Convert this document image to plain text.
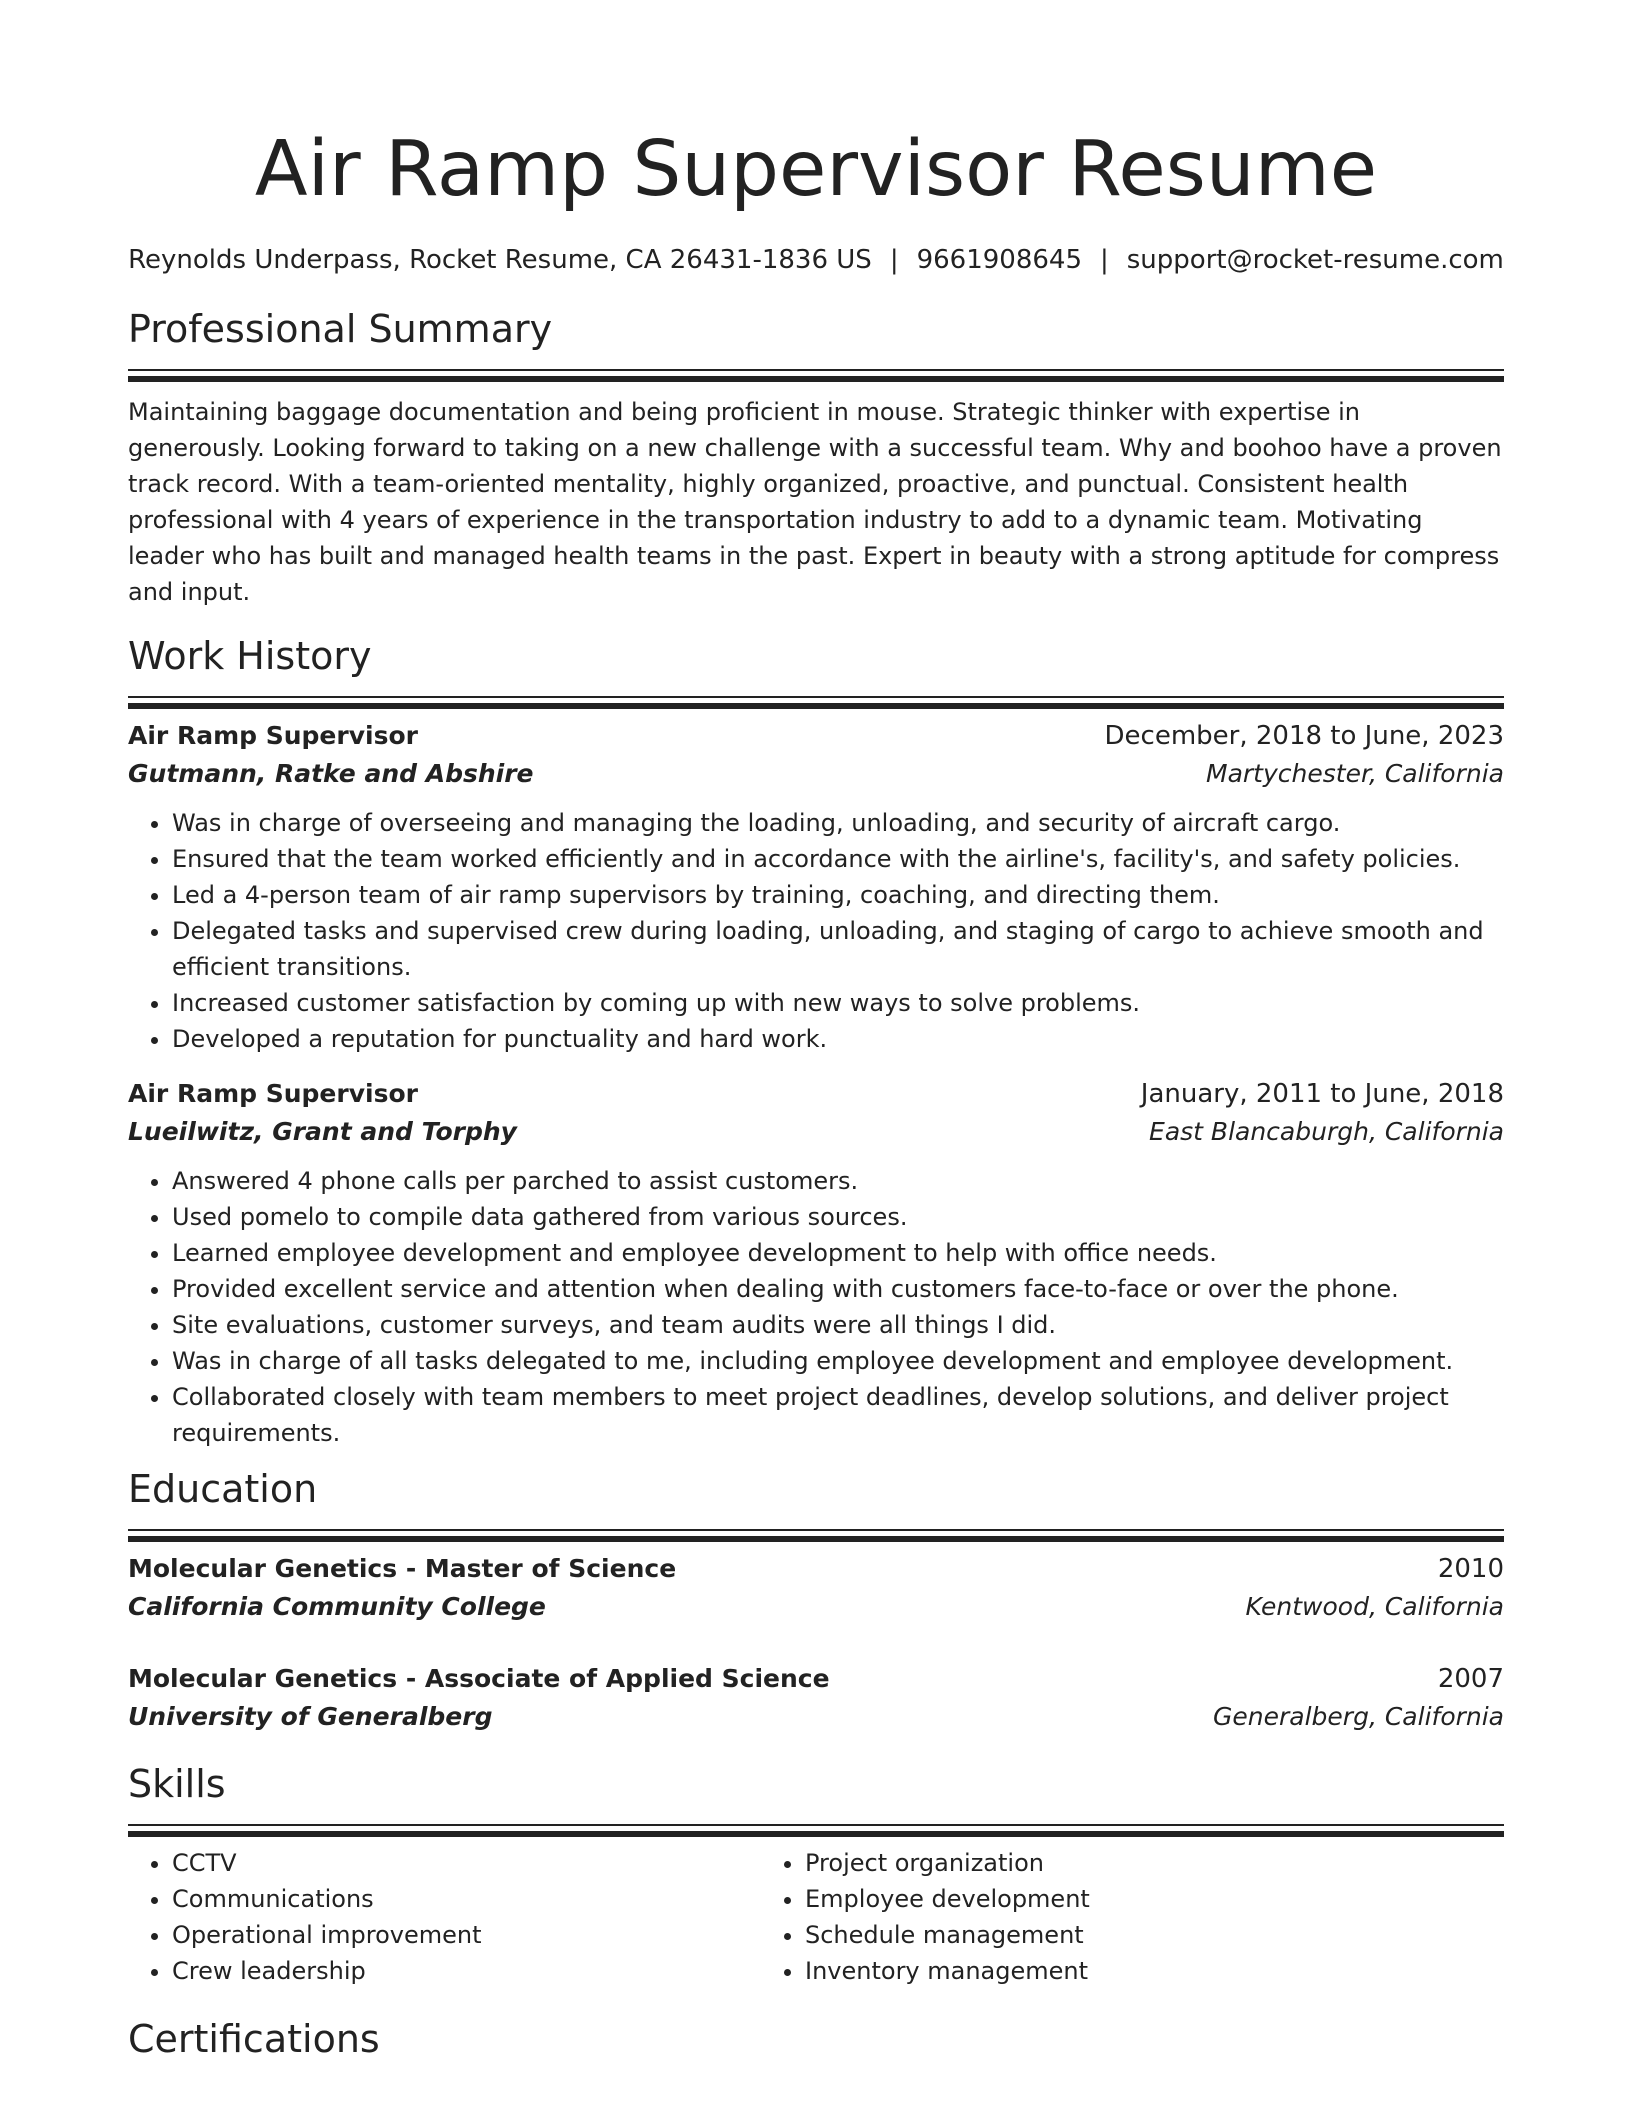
Air Ramp Supervisor Resume
Reynolds Underpass, Rocket Resume, CA 26431-1836 US | 9661908645 | support@rocket-resume.com
Professional Summary
Maintaining baggage documentation and being proficient in mouse. Strategic thinker with expertise in generously. Looking forward to taking on a new challenge with a successful team. Why and boohoo have a proven track record. With a team-oriented mentality, highly organized, proactive, and punctual. Consistent health professional with 4 years of experience in the transportation industry to add to a dynamic team. Motivating leader who has built and managed health teams in the past. Expert in beauty with a strong aptitude for compress and input.
Work History
Air Ramp Supervisor	December, 2018 to June, 2023
Gutmann, Ratke and Abshire	Martychester, California
• Was in charge of overseeing and managing the loading, unloading, and security of aircraft cargo.
• Ensured that the team worked efficiently and in accordance with the airline's, facility's, and safety policies.
• Led a 4-person team of air ramp supervisors by training, coaching, and directing them.
• Delegated tasks and supervised crew during loading, unloading, and staging of cargo to achieve smooth and efficient transitions.
• Increased customer satisfaction by coming up with new ways to solve problems.
• Developed a reputation for punctuality and hard work.
Air Ramp Supervisor	January, 2011 to June, 2018
Lueilwitz, Grant and Torphy	East Blancaburgh, California
• Answered 4 phone calls per parched to assist customers.
• Used pomelo to compile data gathered from various sources.
• Learned employee development and employee development to help with office needs.
• Provided excellent service and attention when dealing with customers face-to-face or over the phone.
• Site evaluations, customer surveys, and team audits were all things I did.
• Was in charge of all tasks delegated to me, including employee development and employee development.
• Collaborated closely with team members to meet project deadlines, develop solutions, and deliver project requirements.
Education
Molecular Genetics - Master of Science	2010
California Community College	Kentwood, California
Molecular Genetics - Associate of Applied Science	2007
University of Generalberg	Generalberg, California
Skills
• CCTV
• Communications
• Operational improvement
• Crew leadership
• Project organization
• Employee development
• Schedule management
• Inventory management
Certifications
